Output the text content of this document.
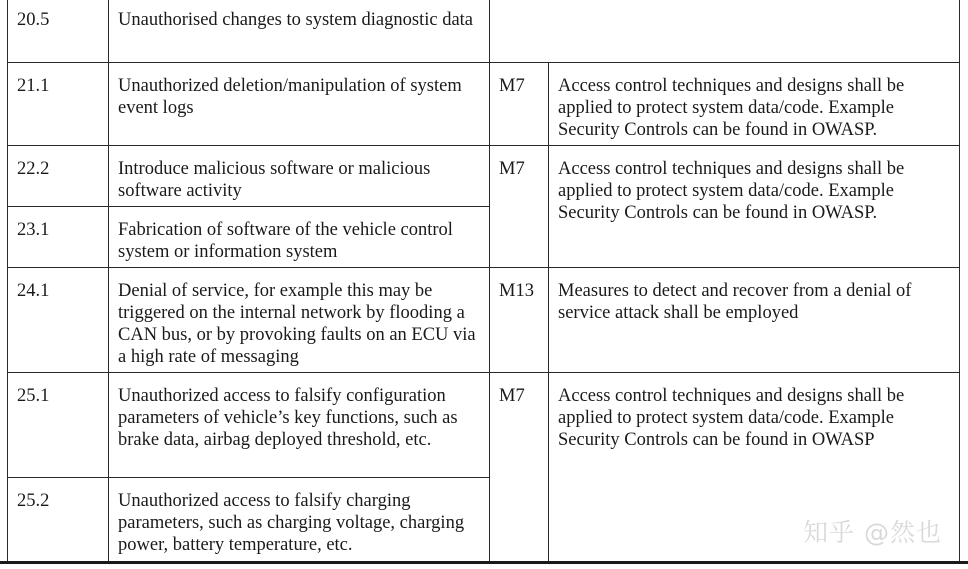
20.5	Unauthorised changes to system diagnostic data		

21.1	Unauthorized deletion/manipulation of system event logs	M7	Access control techniques and designs shall be applied to protect system data/code. Example Security Controls can be found in OWASP.

22.2	Introduce malicious software or malicious software activity	M7	Access control techniques and designs shall be applied to protect system data/code. Example Security Controls can be found in OWASP.

23.1	Fabrication of software of the vehicle control system or information system		

24.1	Denial of service, for example this may be triggered on the internal network by flooding a CAN bus, or by provoking faults on an ECU via a high rate of messaging	M13	Measures to detect and recover from a denial of service attack shall be employed

25.1	Unauthorized access to falsify configuration parameters of vehicle’s key functions, such as brake data, airbag deployed threshold, etc.	M7	Access control techniques and designs shall be applied to protect system data/code. Example Security Controls can be found in OWASP

25.2	Unauthorized access to falsify charging parameters, such as charging voltage, charging power, battery temperature, etc.			知乎 @然也
